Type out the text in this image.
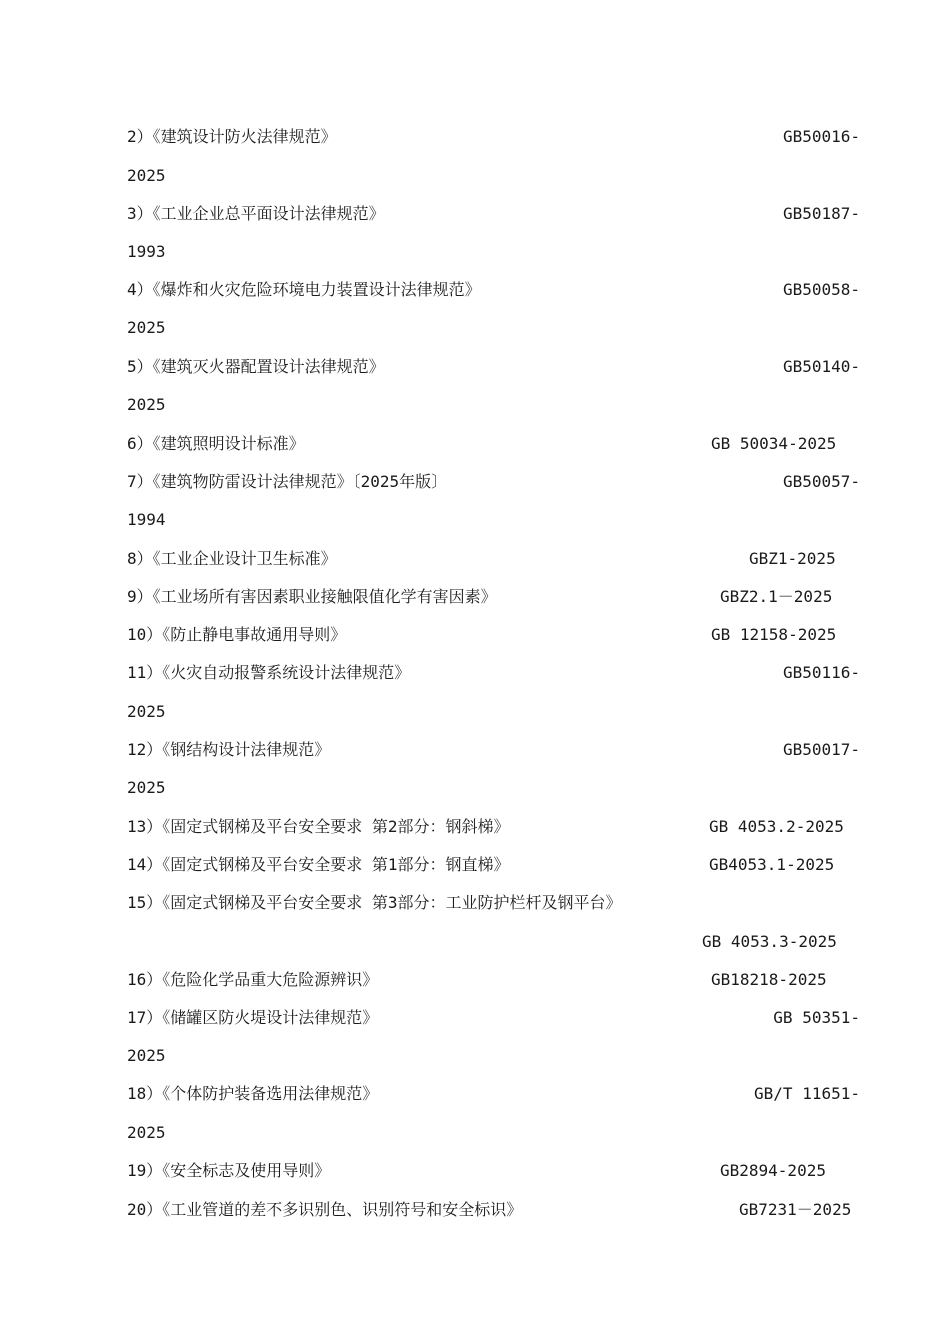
2）《建筑设计防火法律规范》	GB50016-
2025
3）《工业企业总平面设计法律规范》	GB50187-
1993
4）《爆炸和火灾危险环境电力装置设计法律规范》	GB50058-
2025
5）《建筑灭火器配置设计法律规范》	GB50140-
2025
6）《建筑照明设计标准》	GB 50034-2025
7）《建筑物防雷设计法律规范》〔2025年版〕	GB50057-
1994
8）《工业企业设计卫生标准》	GBZ1-2025
9）《工业场所有害因素职业接触限值化学有害因素》	GBZ2.1－2025
10）《防止静电事故通用导则》	GB 12158-2025
11）《火灾自动报警系统设计法律规范》	GB50116-
2025
12）《钢结构设计法律规范》	GB50017-
2025
13）《固定式钢梯及平台安全要求 第2部分：钢斜梯》	GB 4053.2-2025
14）《固定式钢梯及平台安全要求 第1部分：钢直梯》	GB4053.1-2025
15）《固定式钢梯及平台安全要求 第3部分：工业防护栏杆及钢平台》
GB 4053.3-2025
16）《危险化学品重大危险源辨识》	GB18218-2025
17）《储罐区防火堤设计法律规范》	GB 50351-
2025
18）《个体防护装备选用法律规范》	GB/T 11651-
2025
19）《安全标志及使用导则》	GB2894-2025
20）《工业管道的差不多识别色、识别符号和安全标识》	GB7231－2025
